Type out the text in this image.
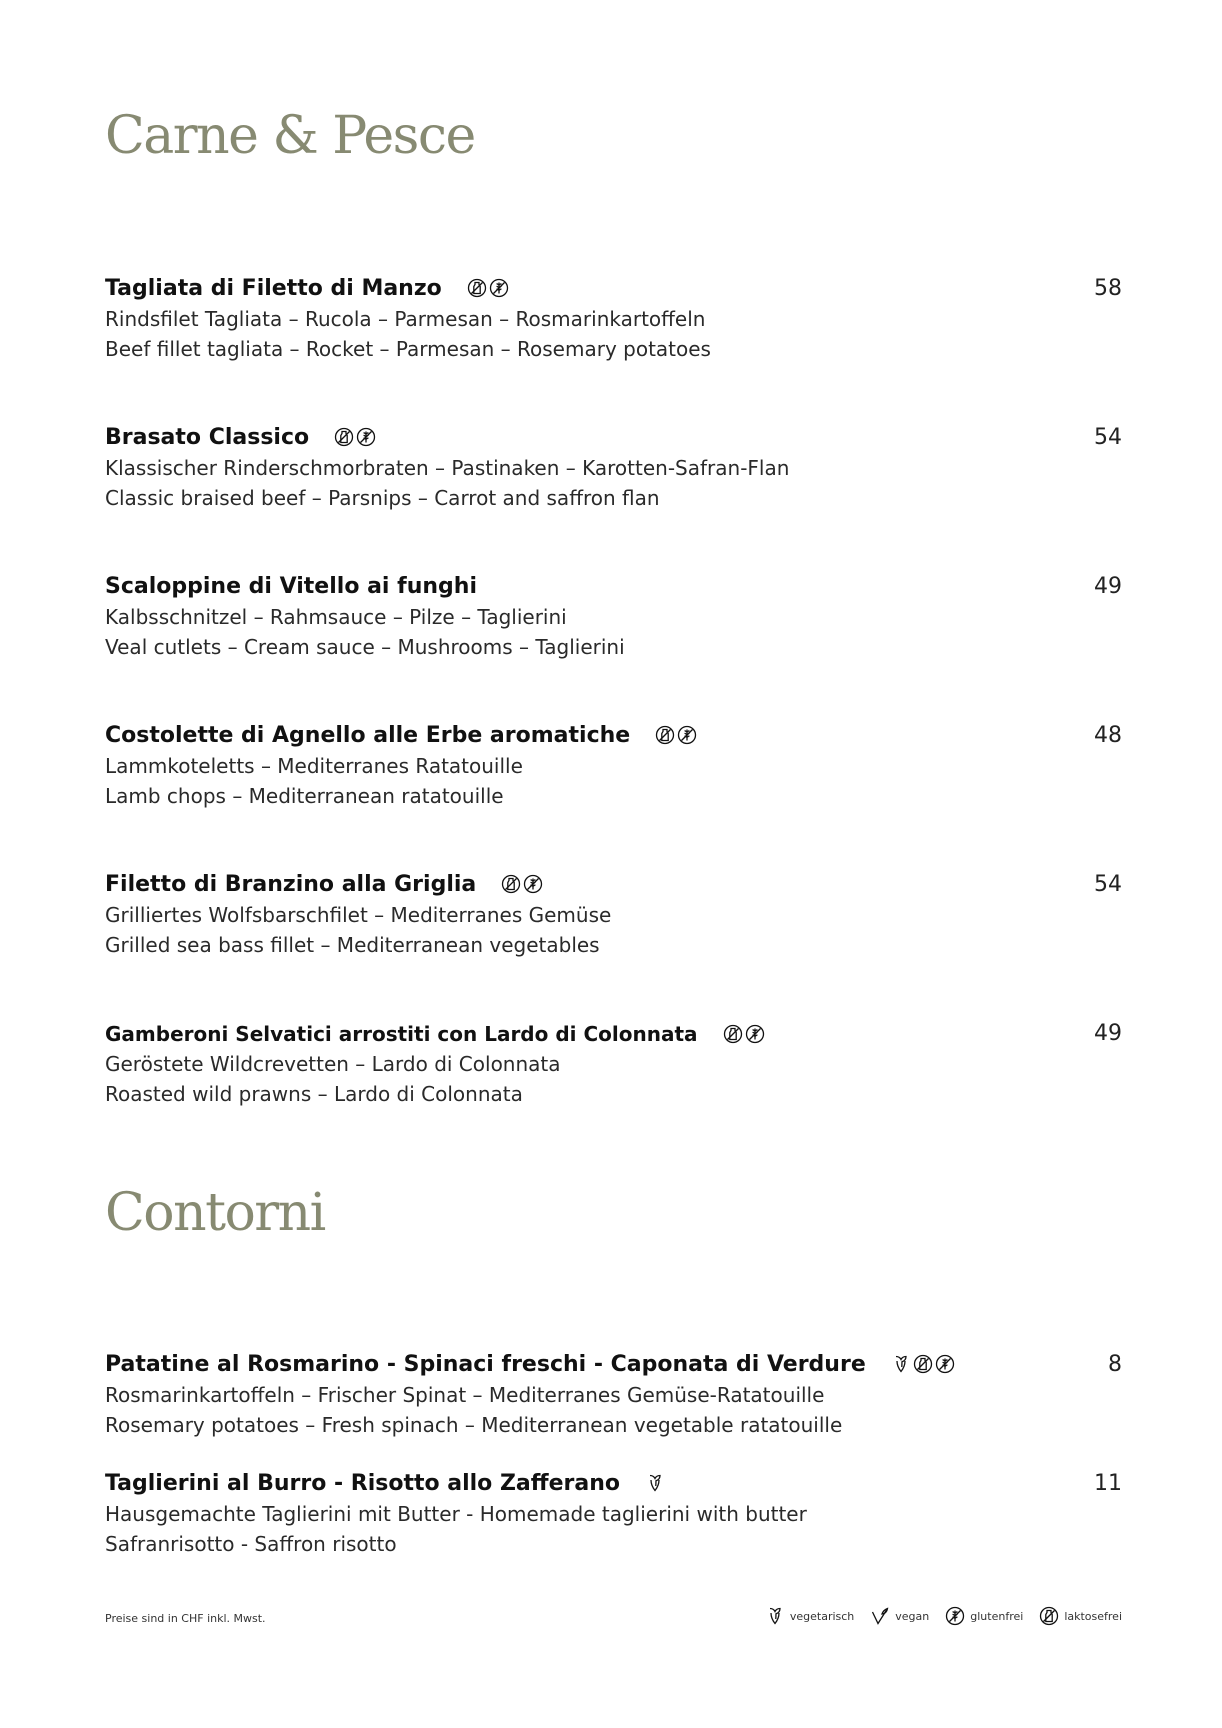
Carne & Pesce
Tagliata di Filetto di Manzo	58
Rindsfilet Tagliata – Rucola – Parmesan – Rosmarinkartoffeln
Beef fillet tagliata – Rocket – Parmesan – Rosemary potatoes
Brasato Classico	54
Klassischer Rinderschmorbraten – Pastinaken – Karotten-Safran-Flan
Classic braised beef – Parsnips – Carrot and saffron flan
Scaloppine di Vitello ai funghi	49
Kalbsschnitzel – Rahmsauce – Pilze – Taglierini
Veal cutlets – Cream sauce – Mushrooms – Taglierini
Costolette di Agnello alle Erbe aromatiche	48
Lammkoteletts – Mediterranes Ratatouille
Lamb chops – Mediterranean ratatouille
Filetto di Branzino alla Griglia	54
Grilliertes Wolfsbarschfilet – Mediterranes Gemüse
Grilled sea bass fillet – Mediterranean vegetables
Gamberoni Selvatici arrostiti con Lardo di Colonnata	49
Geröstete Wildcrevetten – Lardo di Colonnata
Roasted wild prawns – Lardo di Colonnata
Contorni
Patatine al Rosmarino - Spinaci freschi - Caponata di Verdure	8
Rosmarinkartoffeln – Frischer Spinat – Mediterranes Gemüse-Ratatouille
Rosemary potatoes – Fresh spinach – Mediterranean vegetable ratatouille
Taglierini al Burro - Risotto allo Zafferano	11
Hausgemachte Taglierini mit Butter - Homemade taglierini with butter
Safranrisotto - Saffron risotto
Preise sind in CHF inkl. Mwst.	vegetarisch	vegan	glutenfrei	laktosefrei
